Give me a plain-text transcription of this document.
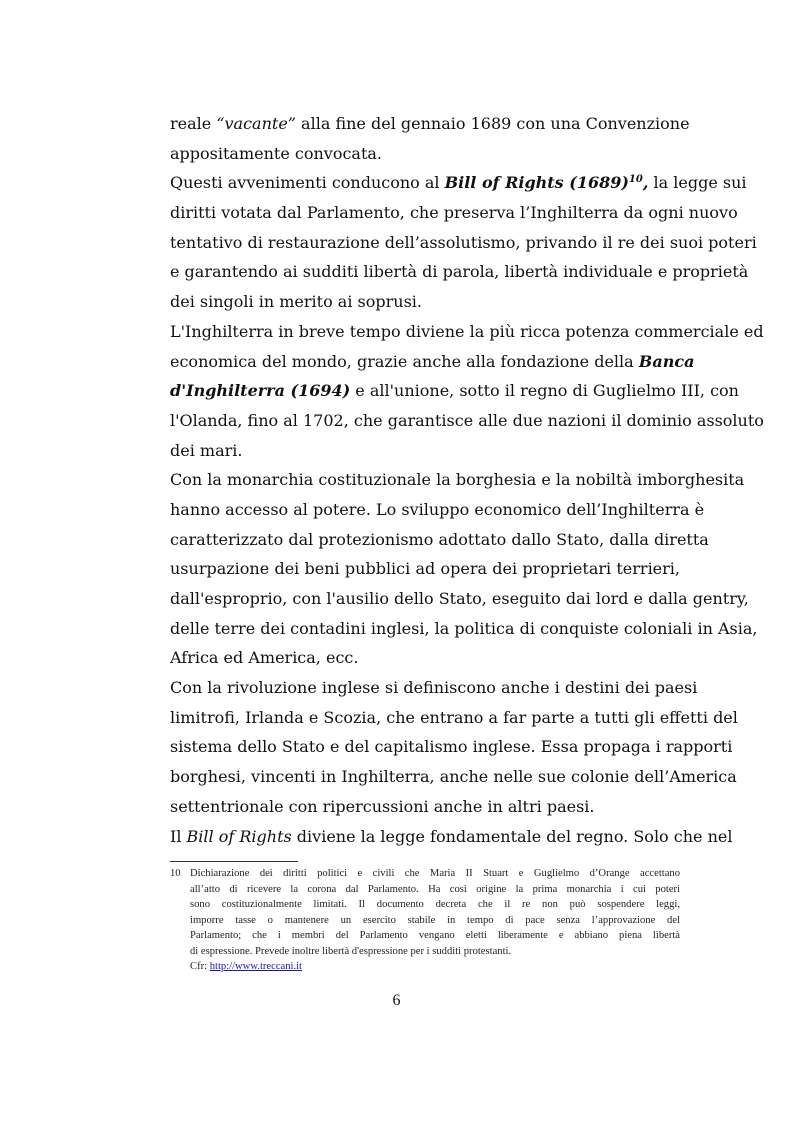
reale “vacante” alla fine del gennaio 1689 con una Convenzione
appositamente convocata.
Questi avvenimenti conducono al Bill of Rights $(1689)^{10}$, la legge sui
diritti votata dal Parlamento, che preserva l’Inghilterra da ogni nuovo
tentativo di restaurazione dell’assolutismo, privando il re dei suoi poteri
e garantendo ai sudditi libertà di parola, libertà individuale e proprietà
dei singoli in merito ai soprusi.
L'Inghilterra in breve tempo diviene la più ricca potenza commerciale ed
economica del mondo, grazie anche alla fondazione della Banca
d'Inghilterra (1694) e all'unione, sotto il regno di Guglielmo III, con
l'Olanda, fino al 1702, che garantisce alle due nazioni il dominio assoluto
dei mari.
Con la monarchia costituzionale la borghesia e la nobiltà imborghesita
hanno accesso al potere. Lo sviluppo economico dell’Inghilterra è
caratterizzato dal protezionismo adottato dallo Stato, dalla diretta
usurpazione dei beni pubblici ad opera dei proprietari terrieri,
dall'esproprio, con l'ausilio dello Stato, eseguito dai lord e dalla gentry,
delle terre dei contadini inglesi, la politica di conquiste coloniali in Asia,
Africa ed America, ecc.
Con la rivoluzione inglese si definiscono anche i destini dei paesi
limitrofi, Irlanda e Scozia, che entrano a far parte a tutti gli effetti del
sistema dello Stato e del capitalismo inglese. Essa propaga i rapporti
borghesi, vincenti in Inghilterra, anche nelle sue colonie dell’America
settentrionale con ripercussioni anche in altri paesi.
Il Bill of Rights diviene la legge fondamentale del regno. Solo che nel
10 Dichiarazione dei diritti politici e civili che Maria II Stuart e Guglielmo d’Orange accettano
all’atto di ricevere la corona dal Parlamento. Ha così origine la prima monarchia i cui poteri
sono costituzionalmente limitati. Il documento decreta che il re non può sospendere leggi,
imporre tasse o mantenere un esercito stabile in tempo di pace senza l’approvazione del
Parlamento; che i membri del Parlamento vengano eletti liberamente e abbiano piena libertà
di espressione. Prevede inoltre libertà d'espressione per i sudditi protestanti.
Cfr: http://www.treccani.it
6
